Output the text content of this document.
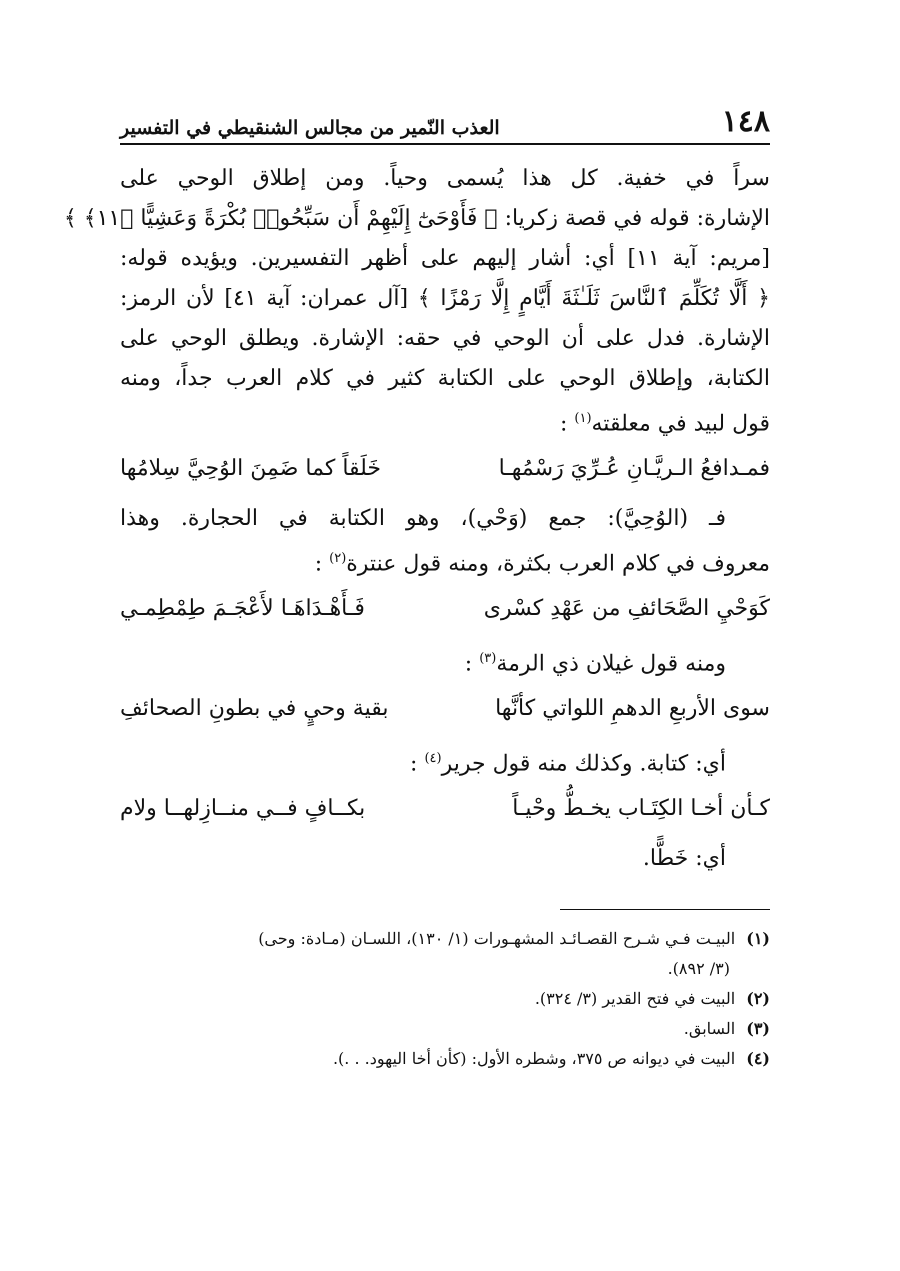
١٤٨
العذب النّمير من مجالس الشنقيطي في التفسير
سراً في خفية. كل هذا يُسمى وحياً. ومن إطلاق الوحي على
الإشارة: قوله في قصة زكريا: ﴿ فَأَوْحَىٰٓ إِلَيْهِمْ أَن سَبِّحُوا۟ بُكْرَةً وَعَشِيًّا ﴿١١﴾ ﴾
[مريم: آية ١١] أي: أشار إليهم على أظهر التفسيرين. ويؤيده قوله:
﴿ أَلَّا تُكَلِّمَ ٱلنَّاسَ ثَلَـٰثَةَ أَيَّامٍ إِلَّا رَمْزًا ﴾ [آل عمران: آية ٤١] لأن الرمز:
الإشارة. فدل على أن الوحي في حقه: الإشارة. ويطلق الوحي على
الكتابة، وإطلاق الوحي على الكتابة كثير في كلام العرب جداً، ومنه
قول لبيد في معلقته$^{(١)}$ :
فمـدافعُ الـريَّـانِ عُـرِّيَ رَسْمُهـا
خَلَقاً كما ضَمِنَ الوُحِيَّ سِلامُها
فـ (الوُحِيَّ): جمع (وَحْي)، وهو الكتابة في الحجارة. وهذا
معروف في كلام العرب بكثرة، ومنه قول عنترة$^{(٢)}$ :
كَوَحْيِ الصَّحَائفِ من عَهْدِ كسْرى
فَـأَهْـدَاهَـا لأَعْجَـمَ طِمْطِمـي
ومنه قول غيلان ذي الرمة$^{(٣)}$ :
سوى الأربعِ الدهمِ اللواتي كأنَّها
بقية وحيٍ في بطونِ الصحائفِ
أي: كتابة. وكذلك منه قول جرير$^{(٤)}$ :
كـأن أخـا الكِتَـاب يخـطُّ وحْيـاً
بكــافٍ فــي منــازِلهــا ولام
أي: خَطًّا.
(١) البيـت فـي شـرح القصـائـد المشهـورات (١/ ١٣٠)، اللسـان (مـادة: وحى)
(٣/ ٨٩٢).
(٢) البيت في فتح القدير (٣/ ٣٢٤).
(٣) السابق.
(٤) البيت في ديوانه ص ٣٧٥، وشطره الأول: (كأن أخا اليهود. . .).
